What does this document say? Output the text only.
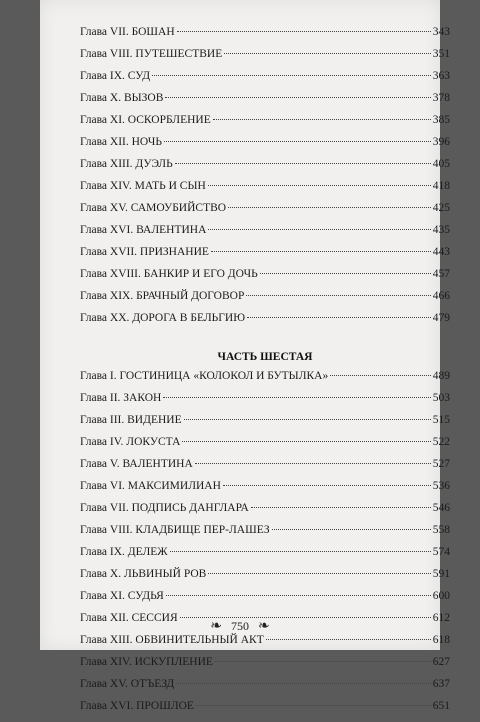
Глава VII. БОШАН	343
Глава VIII. ПУТЕШЕСТВИЕ	351
Глава IX. СУД	363
Глава X. ВЫЗОВ	378
Глава XI. ОСКОРБЛЕНИЕ	385
Глава XII. НОЧЬ	396
Глава XIII. ДУЭЛЬ	405
Глава XIV. МАТЬ И СЫН	418
Глава XV. САМОУБИЙСТВО	425
Глава XVI. ВАЛЕНТИНА	435
Глава XVII. ПРИЗНАНИЕ	443
Глава XVIII. БАНКИР И ЕГО ДОЧЬ	457
Глава XIX. БРАЧНЫЙ ДОГОВОР	466
Глава XX. ДОРОГА В БЕЛЬГИЮ	479
ЧАСТЬ ШЕСТАЯ
Глава I. ГОСТИНИЦА «КОЛОКОЛ И БУТЫЛКА»	489
Глава II. ЗАКОН	503
Глава III. ВИДЕНИЕ	515
Глава IV. ЛОКУСТА	522
Глава V. ВАЛЕНТИНА	527
Глава VI. МАКСИМИЛИАН	536
Глава VII. ПОДПИСЬ ДАНГЛАРА	546
Глава VIII. КЛАДБИЩЕ ПЕР-ЛАШЕЗ	558
Глава IX. ДЕЛЕЖ	574
Глава X. ЛЬВИНЫЙ РОВ	591
Глава XI. СУДЬЯ	600
Глава XII. СЕССИЯ	612
Глава XIII. ОБВИНИТЕЛЬНЫЙ АКТ	618
Глава XIV. ИСКУПЛЕНИЕ	627
Глава XV. ОТЪЕЗД	637
Глава XVI. ПРОШЛОЕ	651
❧ 750 ❧
